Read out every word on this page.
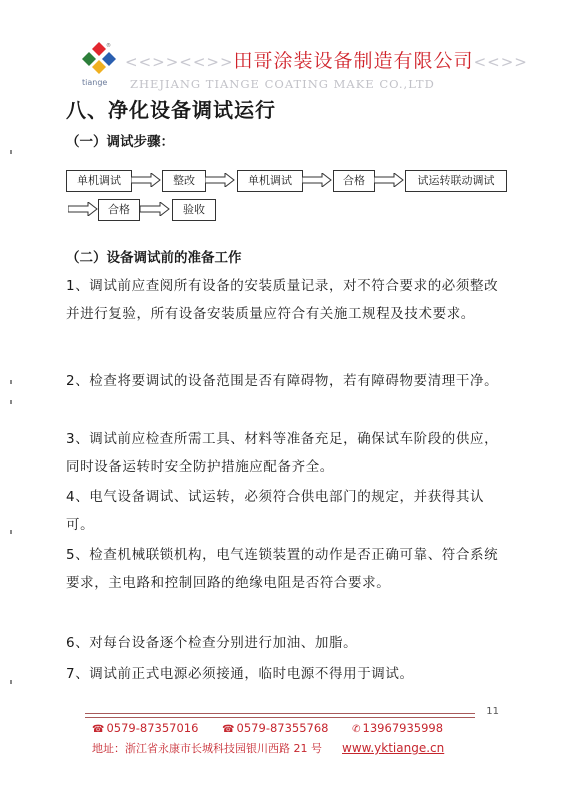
®
tiange
<<>><<>>田哥涂装设备制造有限公司<<>>
ZHEJIANG TIANGE COATING MAKE CO.,LTD
八、净化设备调试运行
（一）调试步骤：
单机调试	整改	单机调试	合格	试运转联动调试
合格	验收
（二）设备调试前的准备工作
1、调试前应查阅所有设备的安装质量记录，对不符合要求的必须整改并进行复验，所有设备安装质量应符合有关施工规程及技术要求。
2、检查将要调试的设备范围是否有障碍物，若有障碍物要清理干净。
3、调试前应检查所需工具、材料等准备充足，确保试车阶段的供应，同时设备运转时安全防护措施应配备齐全。
4、电气设备调试、试运转，必须符合供电部门的规定，并获得其认可。
5、检查机械联锁机构，电气连锁装置的动作是否正确可靠、符合系统要求，主电路和控制回路的绝缘电阻是否符合要求。
6、对每台设备逐个检查分别进行加油、加脂。
7、调试前正式电源必须接通，临时电源不得用于调试。
11
☎ 0579-87357016 ☎ 0579-87355768 ✆ 13967935998
地址：浙江省永康市长城科技园银川西路 21 号 www.yktiange.cn
